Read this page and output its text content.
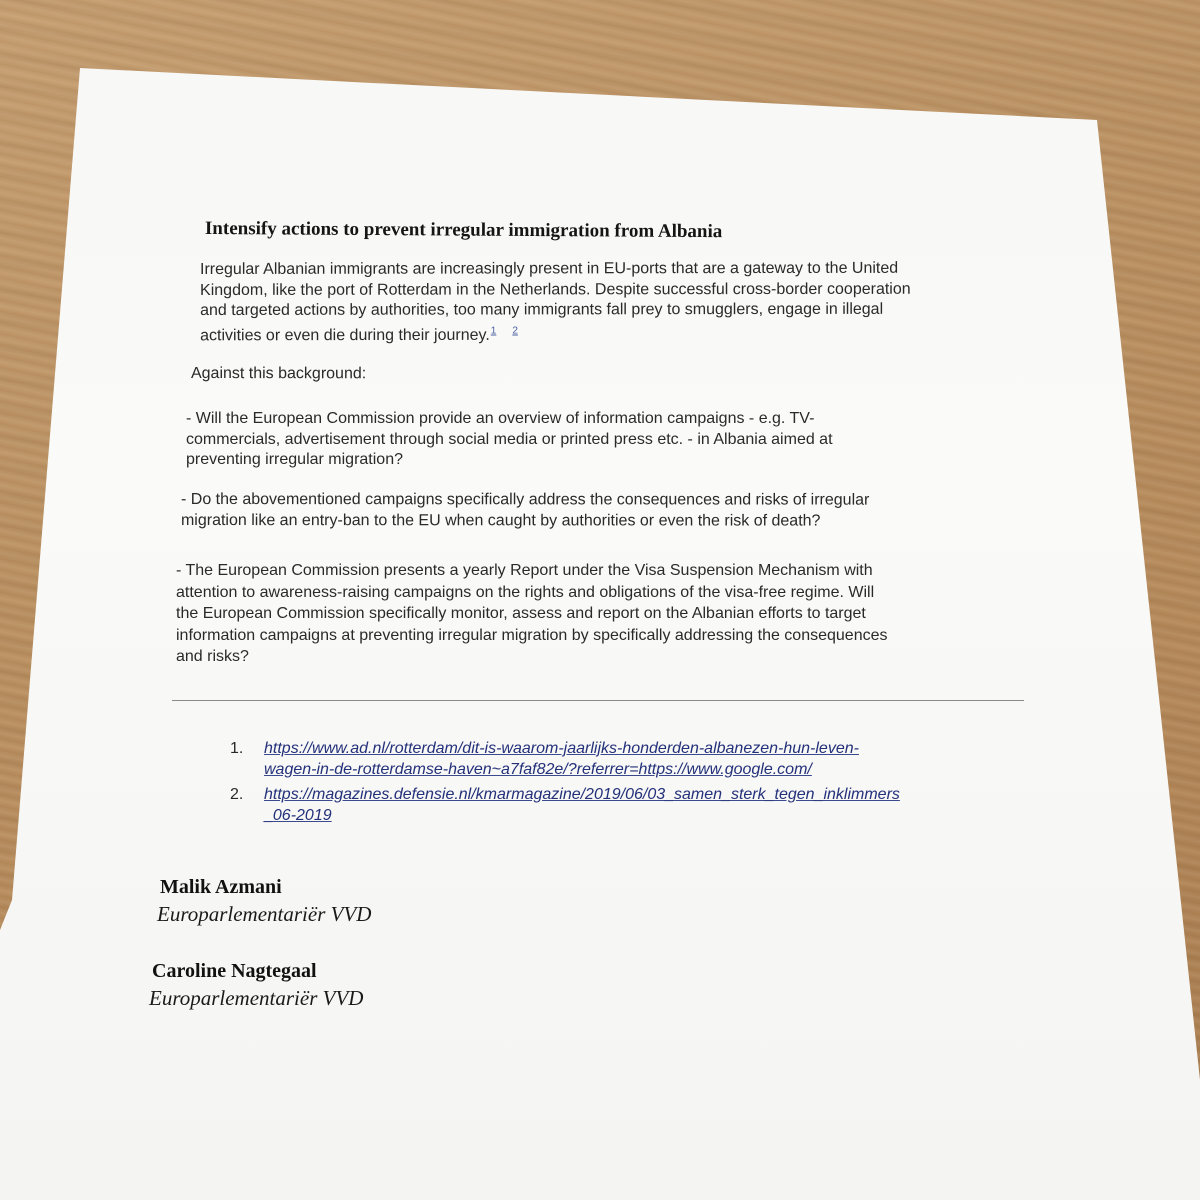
Intensify actions to prevent irregular immigration from Albania
Irregular Albanian immigrants are increasingly present in EU-ports that are a gateway to the United
Kingdom, like the port of Rotterdam in the Netherlands. Despite successful cross-border cooperation
and targeted actions by authorities, too many immigrants fall prey to smugglers, engage in illegal
activities or even die during their journey.$^1$ $^2$
Against this background:
- Will the European Commission provide an overview of information campaigns - e.g. TV-
commercials, advertisement through social media or printed press etc. - in Albania aimed at
preventing irregular migration?
- Do the abovementioned campaigns specifically address the consequences and risks of irregular
migration like an entry-ban to the EU when caught by authorities or even the risk of death?
- The European Commission presents a yearly Report under the Visa Suspension Mechanism with
attention to awareness-raising campaigns on the rights and obligations of the visa-free regime. Will
the European Commission specifically monitor, assess and report on the Albanian efforts to target
information campaigns at preventing irregular migration by specifically addressing the consequences
and risks?
1.	https://www.ad.nl/rotterdam/dit-is-waarom-jaarlijks-honderden-albanezen-hun-leven-
wagen-in-de-rotterdamse-haven~a7faf82e/?referrer=https://www.google.com/
2.	https://magazines.defensie.nl/kmarmagazine/2019/06/03_samen_sterk_tegen_inklimmers
_06-2019
Malik Azmani
Europarlementariër VVD
Caroline Nagtegaal
Europarlementariër VVD
